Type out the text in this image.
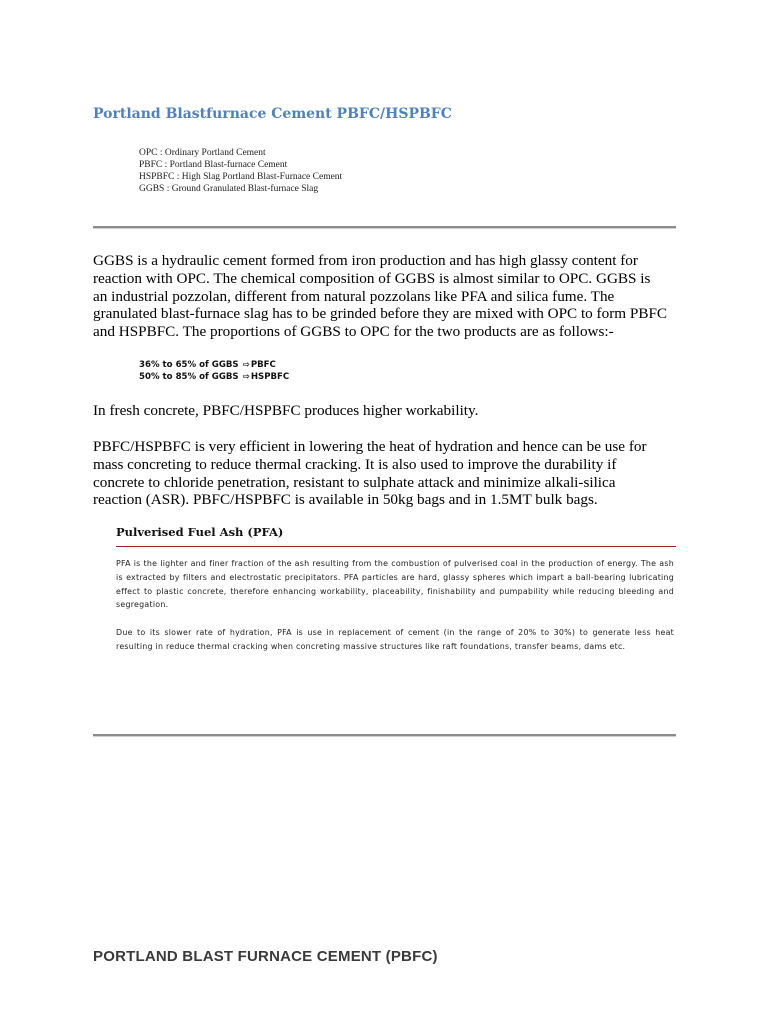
Portland Blastfurnace Cement PBFC/HSPBFC
OPC : Ordinary Portland Cement
PBFC : Portland Blast-furnace Cement
HSPBFC : High Slag Portland Blast-Furnace Cement
GGBS : Ground Granulated Blast-furnace Slag

GGBS is a hydraulic cement formed from iron production and has high glassy content for reaction with OPC. The chemical composition of GGBS is almost similar to OPC. GGBS is an industrial pozzolan, different from natural pozzolans like PFA and silica fume. The granulated blast-furnace slag has to be grinded before they are mixed with OPC to form PBFC and HSPBFC. The proportions of GGBS to OPC for the two products are as follows:-

36% to 65% of GGBS ⇨PBFC
50% to 85% of GGBS ⇨HSPBFC

In fresh concrete, PBFC/HSPBFC produces higher workability.

PBFC/HSPBFC is very efficient in lowering the heat of hydration and hence can be use for mass concreting to reduce thermal cracking. It is also used to improve the durability if concrete to chloride penetration, resistant to sulphate attack and minimize alkali-silica reaction (ASR). PBFC/HSPBFC is available in 50kg bags and in 1.5MT bulk bags.

Pulverised Fuel Ash (PFA)

PFA is the lighter and finer fraction of the ash resulting from the combustion of pulverised coal in the production of energy. The ash is extracted by filters and electrostatic precipitators. PFA particles are hard, glassy spheres which impart a ball-bearing lubricating effect to plastic concrete, therefore enhancing workability, placeability, finishability and pumpability while reducing bleeding and segregation.

Due to its slower rate of hydration, PFA is use in replacement of cement (in the range of 20% to 30%) to generate less heat resulting in reduce thermal cracking when concreting massive structures like raft foundations, transfer beams, dams etc.

PORTLAND BLAST FURNACE CEMENT (PBFC)
